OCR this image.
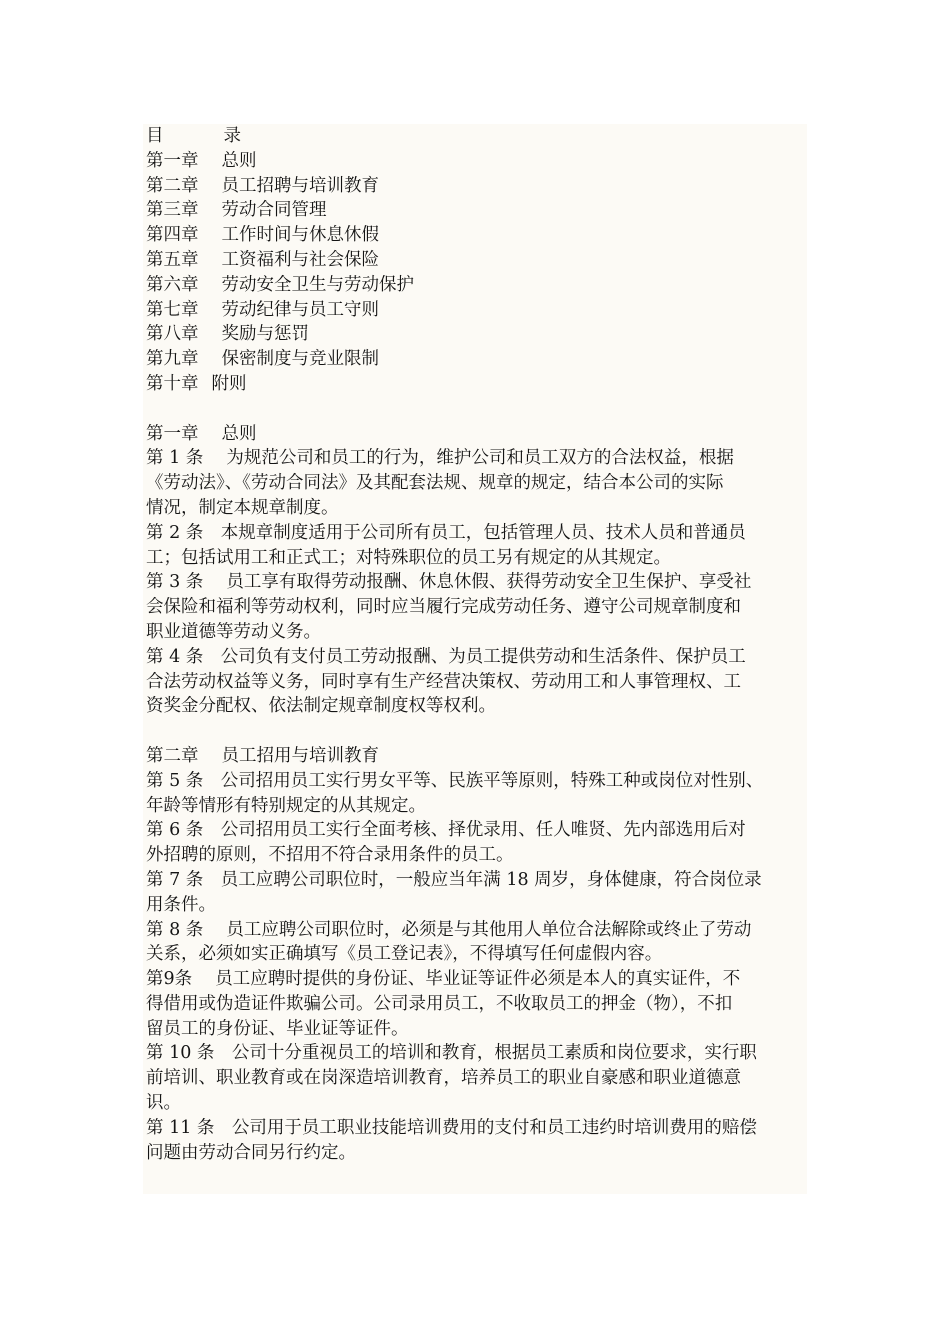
目	录
第一章 总则
第二章 员工招聘与培训教育
第三章 劳动合同管理
第四章 工作时间与休息休假
第五章 工资福利与社会保险
第六章 劳动安全卫生与劳动保护
第七章 劳动纪律与员工守则
第八章 奖励与惩罚
第九章 保密制度与竞业限制
第十章 附则
第一章 总则
第 1 条　 为规范公司和员工的行为，维护公司和员工双方的合法权益，根据
《劳动法》、《劳动合同法》及其配套法规、规章的规定，结合本公司的实际
情况，制定本规章制度。
第 2 条　本规章制度适用于公司所有员工，包括管理人员、技术人员和普通员
工；包括试用工和正式工；对特殊职位的员工另有规定的从其规定。
第 3 条　 员工享有取得劳动报酬、休息休假、获得劳动安全卫生保护、享受社
会保险和福利等劳动权利，同时应当履行完成劳动任务、遵守公司规章制度和
职业道德等劳动义务。
第 4 条　公司负有支付员工劳动报酬、为员工提供劳动和生活条件、保护员工
合法劳动权益等义务，同时享有生产经营决策权、劳动用工和人事管理权、工
资奖金分配权、依法制定规章制度权等权利。
第二章 员工招用与培训教育
第 5 条　公司招用员工实行男女平等、民族平等原则，特殊工种或岗位对性别、
年龄等情形有特别规定的从其规定。
第 6 条　公司招用员工实行全面考核、择优录用、任人唯贤、先内部选用后对
外招聘的原则，不招用不符合录用条件的员工。
第 7 条　员工应聘公司职位时，一般应当年满 18 周岁，身体健康，符合岗位录
用条件。
第 8 条　 员工应聘公司职位时，必须是与其他用人单位合法解除或终止了劳动
关系，必须如实正确填写《员工登记表》，不得填写任何虚假内容。
第9条　 员工应聘时提供的身份证、毕业证等证件必须是本人的真实证件，不
得借用或伪造证件欺骗公司。公司录用员工，不收取员工的押金（物），不扣
留员工的身份证、毕业证等证件。
第 10 条　公司十分重视员工的培训和教育，根据员工素质和岗位要求，实行职
前培训、职业教育或在岗深造培训教育，培养员工的职业自豪感和职业道德意
识。
第 11 条　公司用于员工职业技能培训费用的支付和员工违约时培训费用的赔偿
问题由劳动合同另行约定。
